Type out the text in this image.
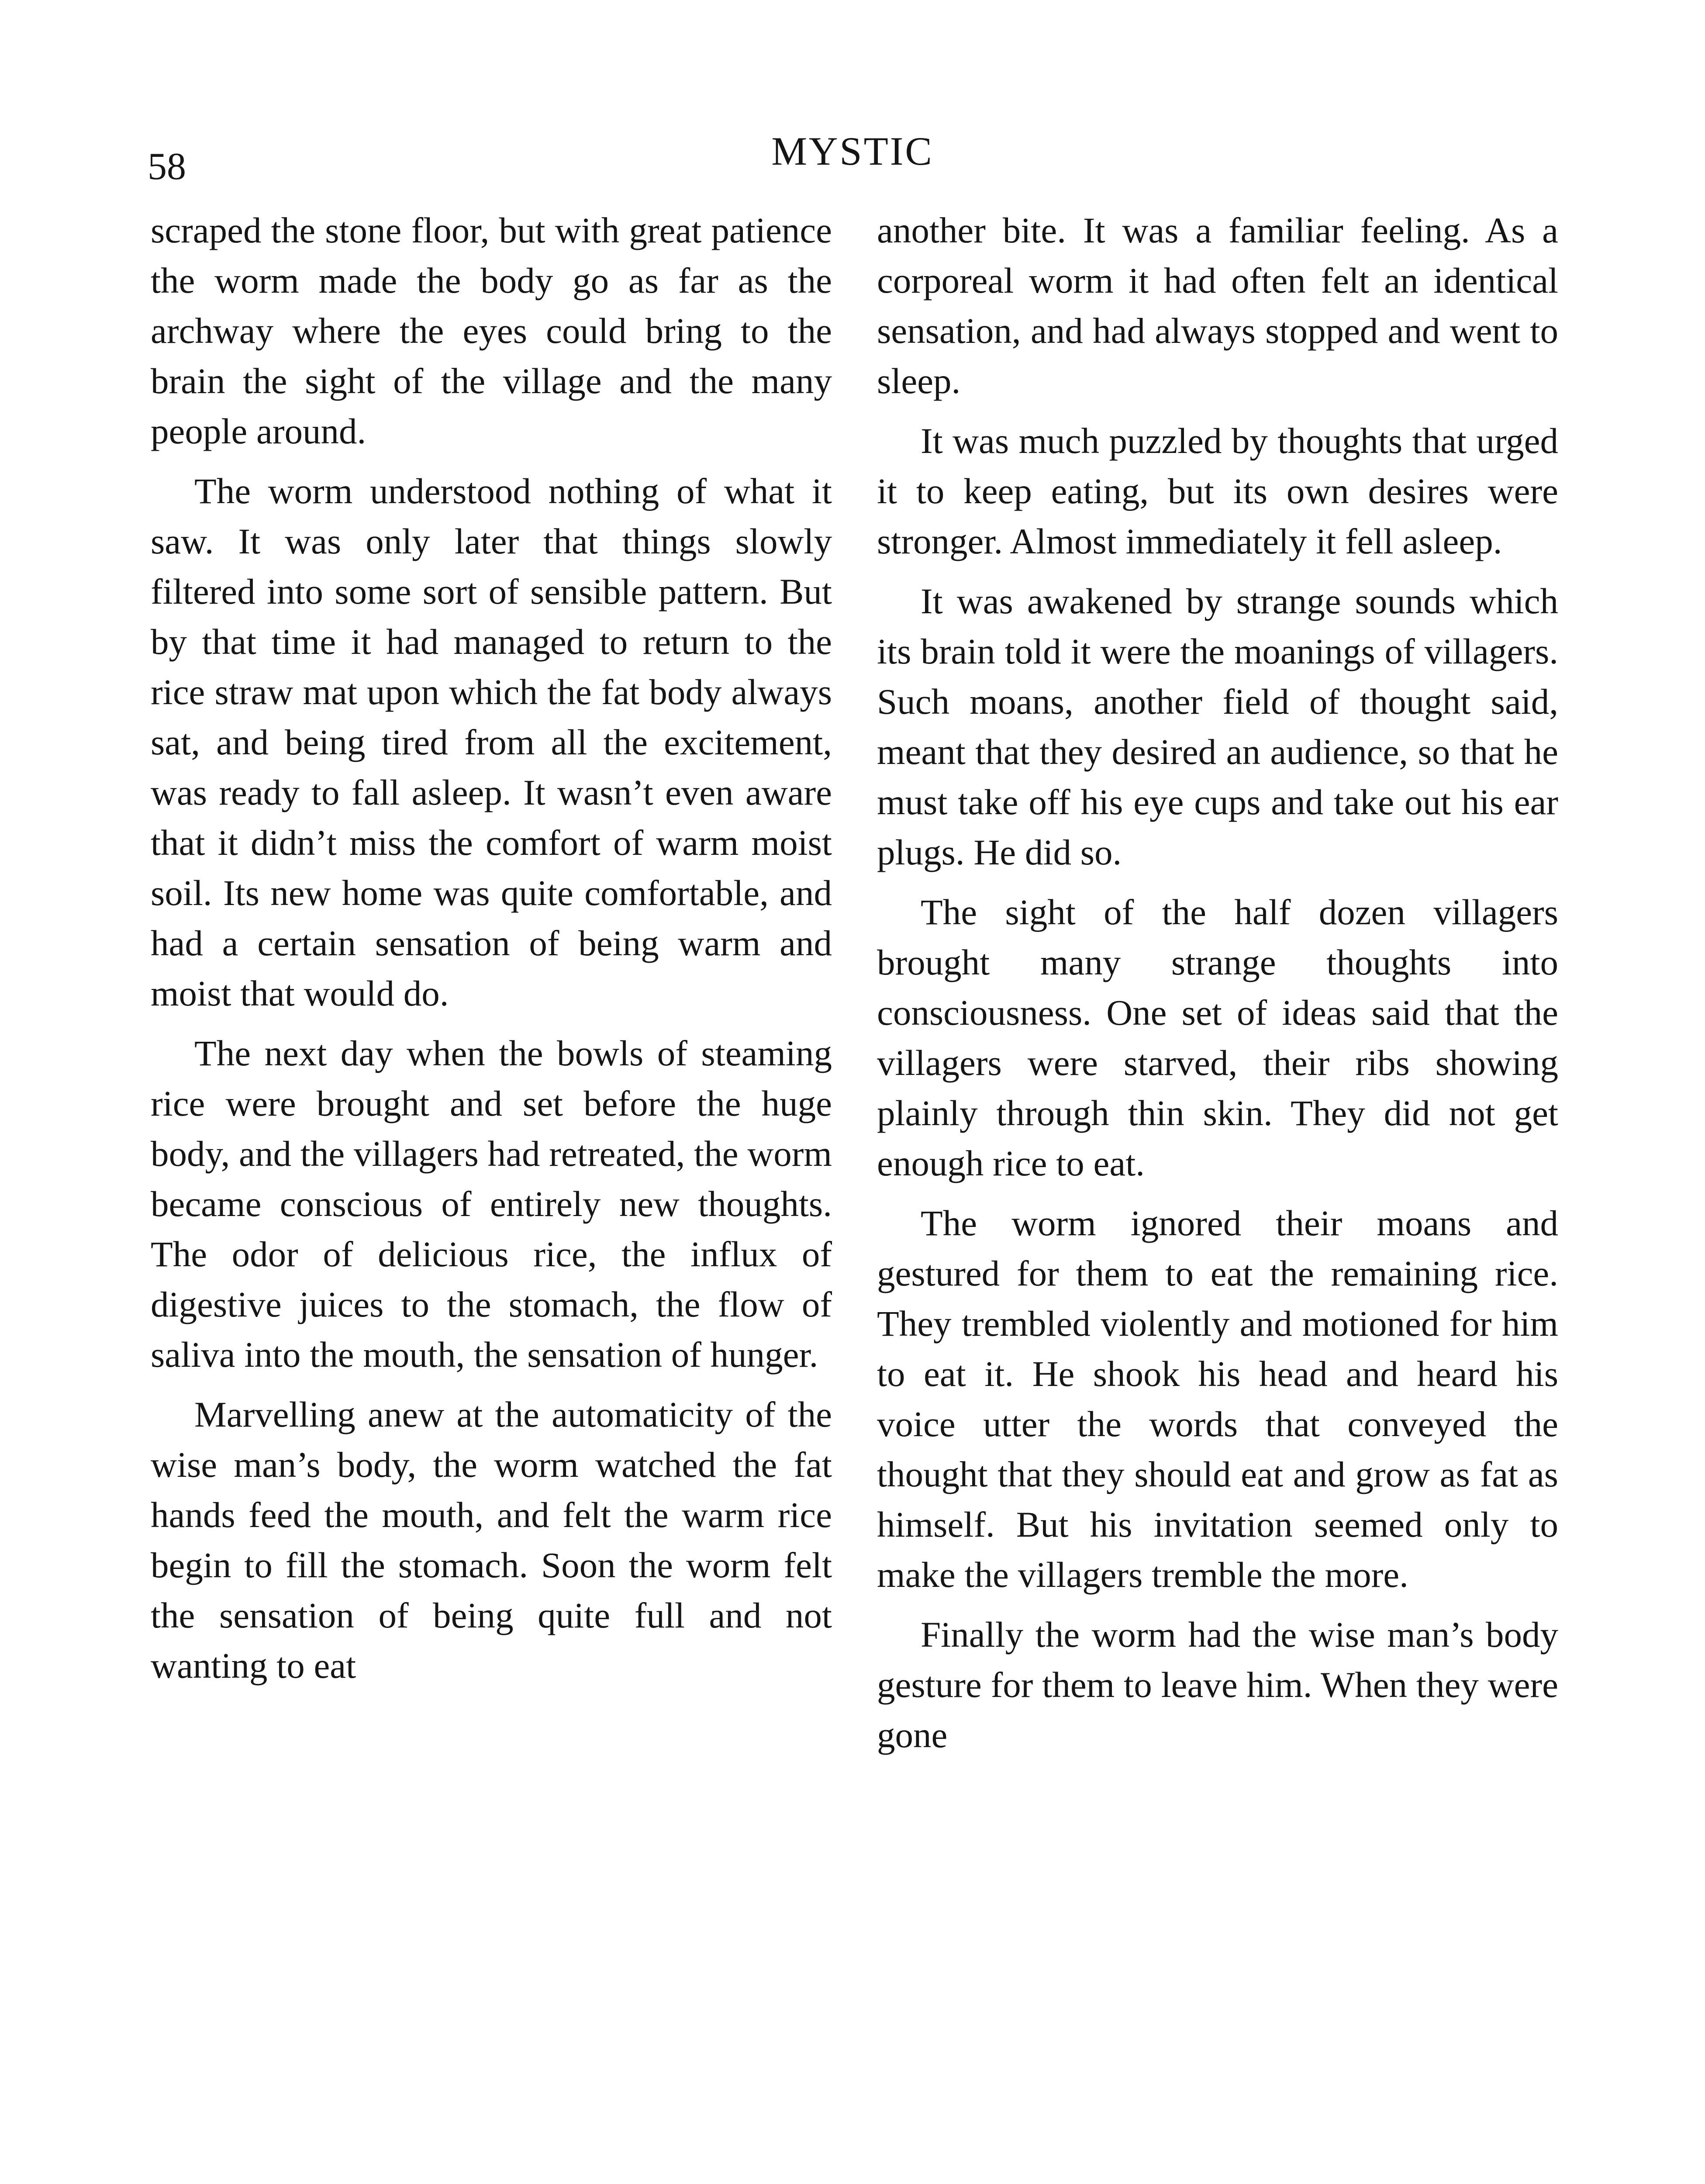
58	MYSTIC

scraped the stone floor, but with great patience the worm made the body go as far as the archway where the eyes could bring to the brain the sight of the village and the many people around.

The worm understood nothing of what it saw. It was only later that things slowly filtered into some sort of sensible pattern. But by that time it had managed to return to the rice straw mat upon which the fat body always sat, and being tired from all the excitement, was ready to fall asleep. It wasn’t even aware that it didn’t miss the comfort of warm moist soil. Its new home was quite comfortable, and had a certain sensation of being warm and moist that would do.

The next day when the bowls of steaming rice were brought and set before the huge body, and the villagers had retreated, the worm became conscious of entirely new thoughts. The odor of delicious rice, the influx of digestive juices to the stomach, the flow of saliva into the mouth, the sensation of hunger.

Marvelling anew at the automaticity of the wise man’s body, the worm watched the fat hands feed the mouth, and felt the warm rice begin to fill the stomach. Soon the worm felt the sensation of being quite full and not wanting to eat

another bite. It was a familiar feeling. As a corporeal worm it had often felt an identical sensation, and had always stopped and went to sleep.

It was much puzzled by thoughts that urged it to keep eating, but its own desires were stronger. Almost immediately it fell asleep.

It was awakened by strange sounds which its brain told it were the moanings of villagers. Such moans, another field of thought said, meant that they desired an audience, so that he must take off his eye cups and take out his ear plugs. He did so.

The sight of the half dozen villagers brought many strange thoughts into consciousness. One set of ideas said that the villagers were starved, their ribs showing plainly through thin skin. They did not get enough rice to eat.

The worm ignored their moans and gestured for them to eat the remaining rice. They trembled violently and motioned for him to eat it. He shook his head and heard his voice utter the words that conveyed the thought that they should eat and grow as fat as himself. But his invitation seemed only to make the villagers tremble the more.

Finally the worm had the wise man’s body gesture for them to leave him. When they were gone
